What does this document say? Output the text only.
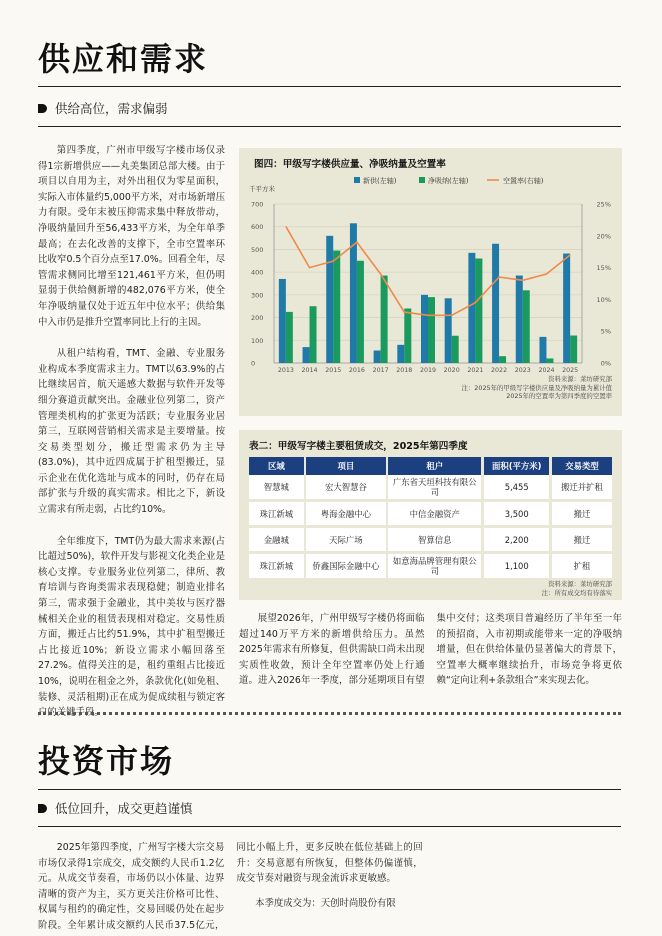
供应和需求
供给高位，需求偏弱

第四季度，广州市甲级写字楼市场仅录得1宗新增供应——丸美集团总部大楼。由于项目以自用为主，对外出租仅为零星面积，实际入市体量约5,000平方米，对市场新增压力有限。受年末被压抑需求集中释放带动，净吸纳量回升至56,433平方米，为全年单季最高；在去化改善的支撑下，全市空置率环比收窄0.5个百分点至17.0%。回看全年，尽管需求侧同比增至121,461平方米，但仍明显弱于供给侧新增的482,076平方米，使全年净吸纳量仅处于近五年中位水平；供给集中入市仍是推升空置率同比上行的主因。

从租户结构看，TMT、金融、专业服务业构成本季度需求主力。TMT以63.9%的占比继续居首，航天遥感大数据与软件开发等细分赛道贡献突出。金融业位列第二，资产管理类机构的扩张更为活跃；专业服务业居第三，互联网营销相关需求是主要增量。按交易类型划分，搬迁型需求仍为主导(83.0%)，其中近四成属于扩租型搬迁，显示企业在优化选址与成本的同时，仍存在局部扩张与升级的真实需求。相比之下，新设立需求有所走弱，占比约10%。

全年维度下，TMT仍为最大需求来源(占比超过50%)，软件开发与影视文化类企业是核心支撑。专业服务业位列第二，律所、教育培训与咨询类需求表现稳健；制造业排名第三，需求强于金融业，其中美妆与医疗器械相关企业的租赁表现相对稳定。交易性质方面，搬迁占比约51.9%，其中扩租型搬迁占比接近10%；新设立需求小幅回落至27.2%。值得关注的是，租约重组占比接近10%，说明在租金之外，条款优化(如免租、装修、灵活租期)正在成为促成续租与锁定客户的关键手段。

图四：甲级写字楼供应量、净吸纳量及空置率
新供(左轴)	净吸纳(左轴)	空置率(右轴)
千平方米
0
100
200
300
400
500
600
700
0%
5%
10%
15%
20%
25%
2013 2014 2015 2016 2017 2018 2019 2020 2021 2022 2023 2024 2025
资料来源：莱坊研究部
注：2025年的甲级写字楼供应量及净吸纳量为累计值
2025年的空置率为第四季度的空置率
表二：甲级写字楼主要租赁成交，2025年第四季度
区域		项目		租户		面积(平方米)		交易类型
智慧城		宏大智慧谷		广东省天垣科技有限公司		5,455		搬迁并扩租
珠江新城		粤海金融中心		中信金融资产		3,500		搬迁
金融城		天际广场		智算信息		2,200		搬迁
珠江新城		侨鑫国际金融中心		如意海品牌管理有限公司		1,100		扩租
资料来源：莱坊研究部
注：所有成交均有待落实

展望2026年，广州甲级写字楼仍将面临超过140万平方米的新增供给压力。虽然2025年需求有所修复，但供需缺口尚未出现实质性收敛，预计全年空置率仍处上行通道。进入2026年一季度，部分延期项目有望集中交付；这类项目普遍经历了半年至一年的预招商，入市初期或能带来一定的净吸纳增量，但在供给体量仍显著偏大的背景下，空置率大概率继续抬升，市场竞争将更依赖“定向让利+条款组合”来实现去化。

投资市场
低位回升，成交更趋谨慎

2025年第四季度，广州写字楼大宗交易市场仅录得1宗成交，成交额约人民币1.2亿元。从成交节奏看，市场仍以小体量、边界清晰的资产为主，买方更关注价格可比性、权属与租约的确定性，交易回暖仍处在起步阶段。全年累计成交额约人民币37.5亿元，同比小幅上升，更多反映在低位基础上的回升：交易意愿有所恢复，但整体仍偏谨慎，成交节奏对融资与现金流诉求更敏感。

本季度成交为：天创时尚股份有限
